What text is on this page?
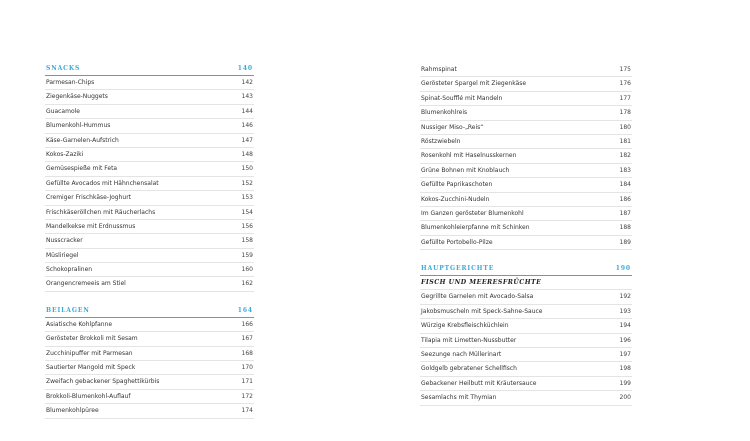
SNACKS	140
Parmesan-Chips	142
Ziegenkäse-Nuggets	143
Guacamole	144
Blumenkohl-Hummus	146
Käse-Garnelen-Aufstrich	147
Kokos-Zaziki	148
Gemüsespieße mit Feta	150
Gefüllte Avocados mit Hähnchensalat	152
Cremiger Frischkäse-Joghurt	153
Frischkäseröllchen mit Räucherlachs	154
Mandelkekse mit Erdnussmus	156
Nusscracker	158
Müsliriegel	159
Schokopralinen	160
Orangencremeeis am Stiel	162
BEILAGEN	164
Asiatische Kohlpfanne	166
Gerösteter Brokkoli mit Sesam	167
Zucchinipuffer mit Parmesan	168
Sautierter Mangold mit Speck	170
Zweifach gebackener Spaghettikürbis	171
Brokkoli-Blumenkohl-Auflauf	172
Blumenkohlpüree	174
Rahmspinat	175
Gerösteter Spargel mit Ziegenkäse	176
Spinat-Soufflé mit Mandeln	177
Blumenkohlreis	178
Nussiger Miso-„Reis“	180
Röstzwiebeln	181
Rosenkohl mit Haselnusskernen	182
Grüne Bohnen mit Knoblauch	183
Gefüllte Paprikaschoten	184
Kokos-Zucchini-Nudeln	186
Im Ganzen gerösteter Blumenkohl	187
Blumenkohleierpfanne mit Schinken	188
Gefüllte Portobello-Pilze	189
HAUPTGERICHTE	190
FISCH UND MEERESFRÜCHTE
Gegrillte Garnelen mit Avocado-Salsa	192
Jakobsmuscheln mit Speck-Sahne-Sauce	193
Würzige Krebsfleischküchlein	194
Tilapia mit Limetten-Nussbutter	196
Seezunge nach Müllerinart	197
Goldgelb gebratener Schellfisch	198
Gebackener Heilbutt mit Kräutersauce	199
Sesamlachs mit Thymian	200
